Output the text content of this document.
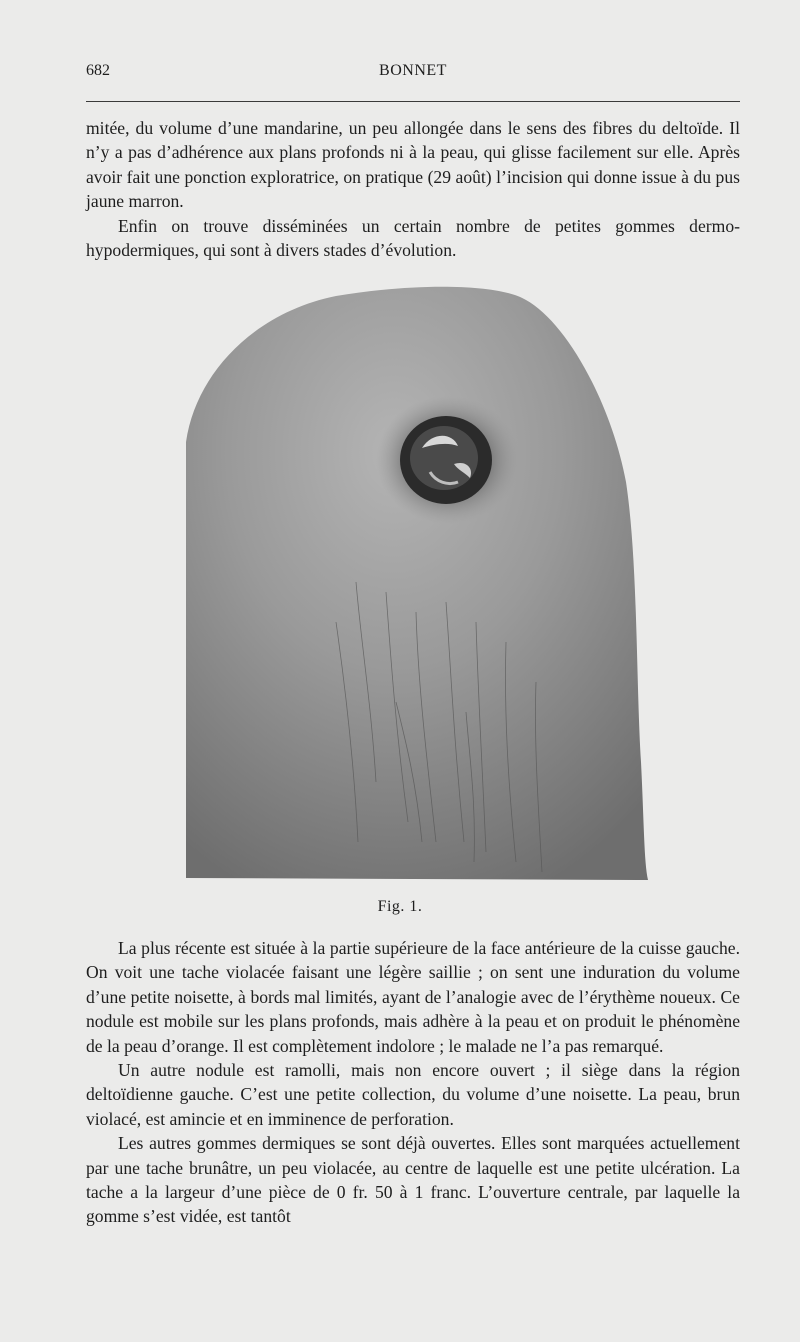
682	BONNET

mitée, du volume d’une mandarine, un peu allongée dans le sens des fibres du deltoïde. Il n’y a pas d’adhérence aux plans profonds ni à la peau, qui glisse facilement sur elle. Après avoir fait une ponction exploratrice, on pratique (29 août) l’incision qui donne issue à du pus jaune marron.

Enfin on trouve disséminées un certain nombre de petites gommes dermo-hypodermiques, qui sont à divers stades d’évolution.

Fig. 1.

La plus récente est située à la partie supérieure de la face antérieure de la cuisse gauche. On voit une tache violacée faisant une légère saillie ; on sent une induration du volume d’une petite noisette, à bords mal limités, ayant de l’analogie avec de l’érythème noueux. Ce nodule est mobile sur les plans profonds, mais adhère à la peau et on produit le phénomène de la peau d’orange. Il est complètement indolore ; le malade ne l’a pas remarqué.

Un autre nodule est ramolli, mais non encore ouvert ; il siège dans la région deltoïdienne gauche. C’est une petite collection, du volume d’une noisette. La peau, brun violacé, est amincie et en imminence de perforation.

Les autres gommes dermiques se sont déjà ouvertes. Elles sont marquées actuellement par une tache brunâtre, un peu violacée, au centre de laquelle est une petite ulcération. La tache a la largeur d’une pièce de 0 fr. 50 à 1 franc. L’ouverture centrale, par laquelle la gomme s’est vidée, est tantôt
